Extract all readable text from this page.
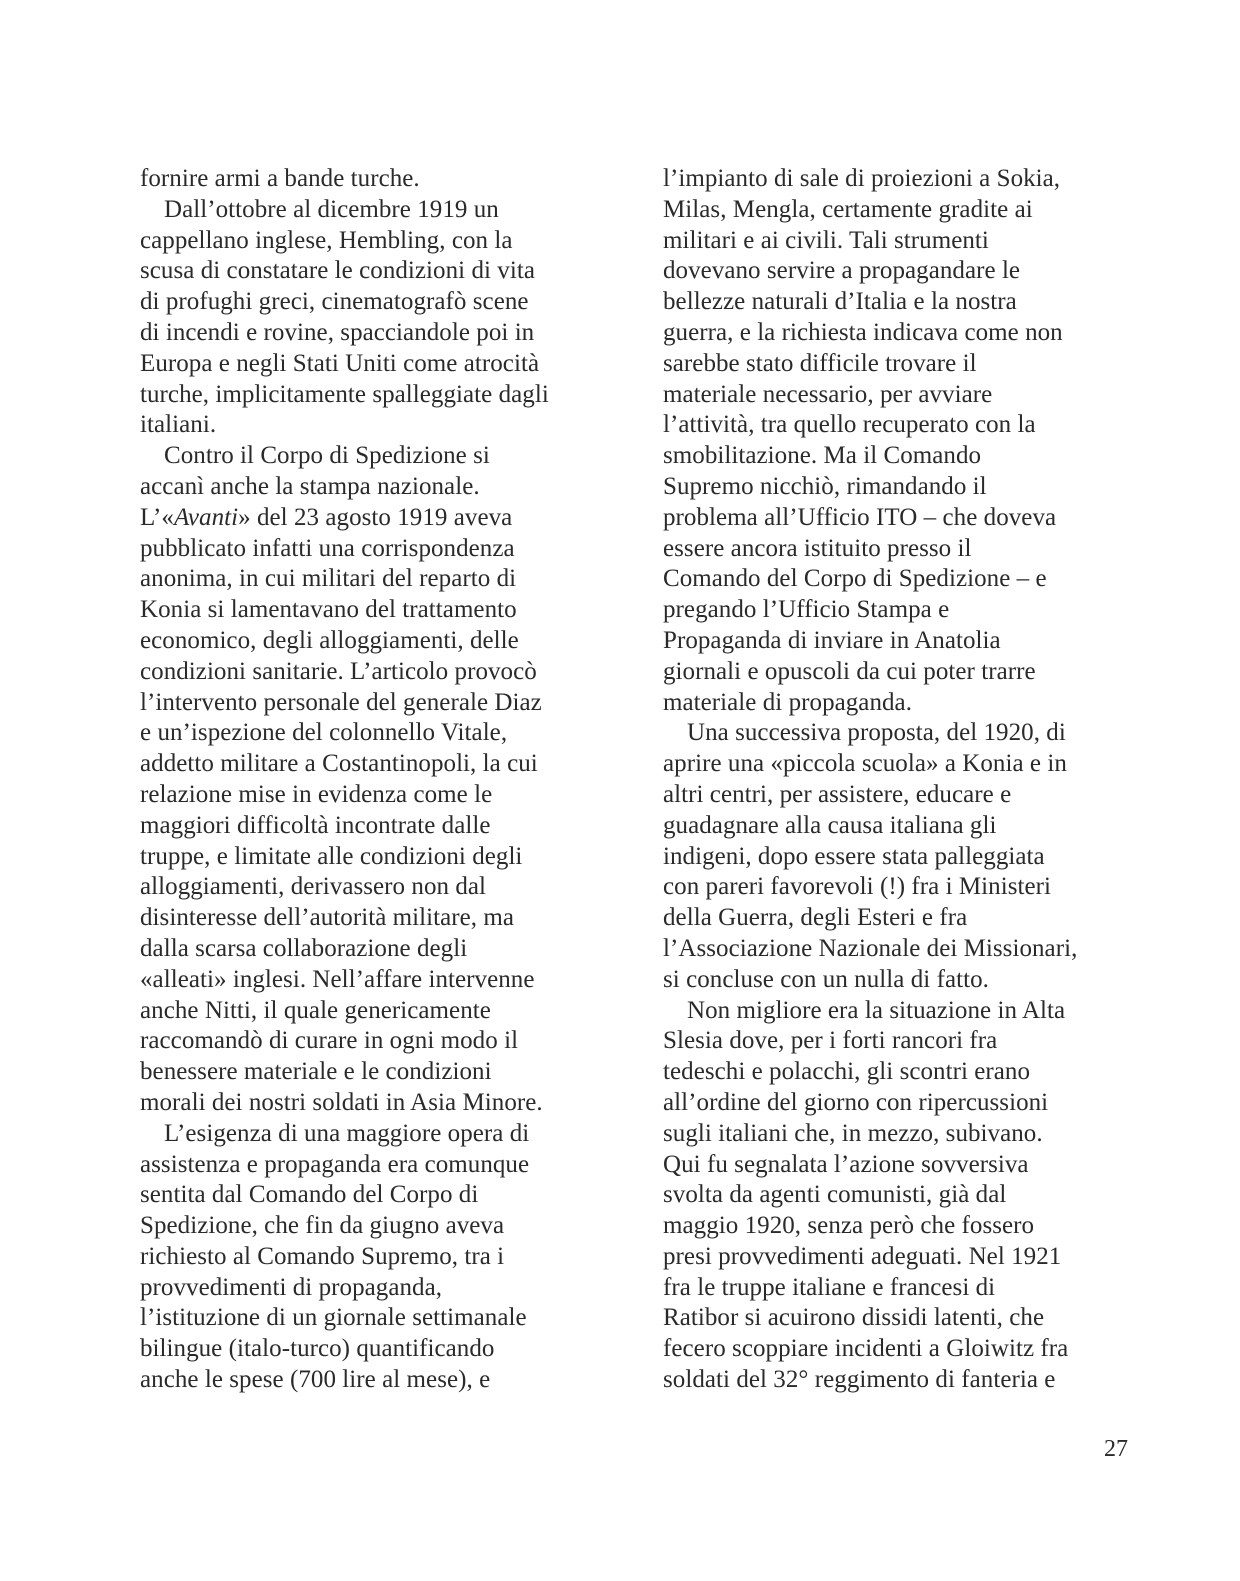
fornire armi a bande turche.
Dall’ottobre al dicembre 1919 un
cappellano inglese, Hembling, con la
scusa di constatare le condizioni di vita
di profughi greci, cinematografò scene
di incendi e rovine, spacciandole poi in
Europa e negli Stati Uniti come atrocità
turche, implicitamente spalleggiate dagli
italiani.
Contro il Corpo di Spedizione si
accanì anche la stampa nazionale.
L’«Avanti» del 23 agosto 1919 aveva
pubblicato infatti una corrispondenza
anonima, in cui militari del reparto di
Konia si lamentavano del trattamento
economico, degli alloggiamenti, delle
condizioni sanitarie. L’articolo provocò
l’intervento personale del generale Diaz
e un’ispezione del colonnello Vitale,
addetto militare a Costantinopoli, la cui
relazione mise in evidenza come le
maggiori difficoltà incontrate dalle
truppe, e limitate alle condizioni degli
alloggiamenti, derivassero non dal
disinteresse dell’autorità militare, ma
dalla scarsa collaborazione degli
«alleati» inglesi. Nell’affare intervenne
anche Nitti, il quale genericamente
raccomandò di curare in ogni modo il
benessere materiale e le condizioni
morali dei nostri soldati in Asia Minore.
L’esigenza di una maggiore opera di
assistenza e propaganda era comunque
sentita dal Comando del Corpo di
Spedizione, che fin da giugno aveva
richiesto al Comando Supremo, tra i
provvedimenti di propaganda,
l’istituzione di un giornale settimanale
bilingue (italo-turco) quantificando
anche le spese (700 lire al mese), e
l’impianto di sale di proiezioni a Sokia,
Milas, Mengla, certamente gradite ai
militari e ai civili. Tali strumenti
dovevano servire a propagandare le
bellezze naturali d’Italia e la nostra
guerra, e la richiesta indicava come non
sarebbe stato difficile trovare il
materiale necessario, per avviare
l’attività, tra quello recuperato con la
smobilitazione. Ma il Comando
Supremo nicchiò, rimandando il
problema all’Ufficio ITO – che doveva
essere ancora istituito presso il
Comando del Corpo di Spedizione – e
pregando l’Ufficio Stampa e
Propaganda di inviare in Anatolia
giornali e opuscoli da cui poter trarre
materiale di propaganda.
Una successiva proposta, del 1920, di
aprire una «piccola scuola» a Konia e in
altri centri, per assistere, educare e
guadagnare alla causa italiana gli
indigeni, dopo essere stata palleggiata
con pareri favorevoli (!) fra i Ministeri
della Guerra, degli Esteri e fra
l’Associazione Nazionale dei Missionari,
si concluse con un nulla di fatto.
Non migliore era la situazione in Alta
Slesia dove, per i forti rancori fra
tedeschi e polacchi, gli scontri erano
all’ordine del giorno con ripercussioni
sugli italiani che, in mezzo, subivano.
Qui fu segnalata l’azione sovversiva
svolta da agenti comunisti, già dal
maggio 1920, senza però che fossero
presi provvedimenti adeguati. Nel 1921
fra le truppe italiane e francesi di
Ratibor si acuirono dissidi latenti, che
fecero scoppiare incidenti a Gloiwitz fra
soldati del 32° reggimento di fanteria e
27
